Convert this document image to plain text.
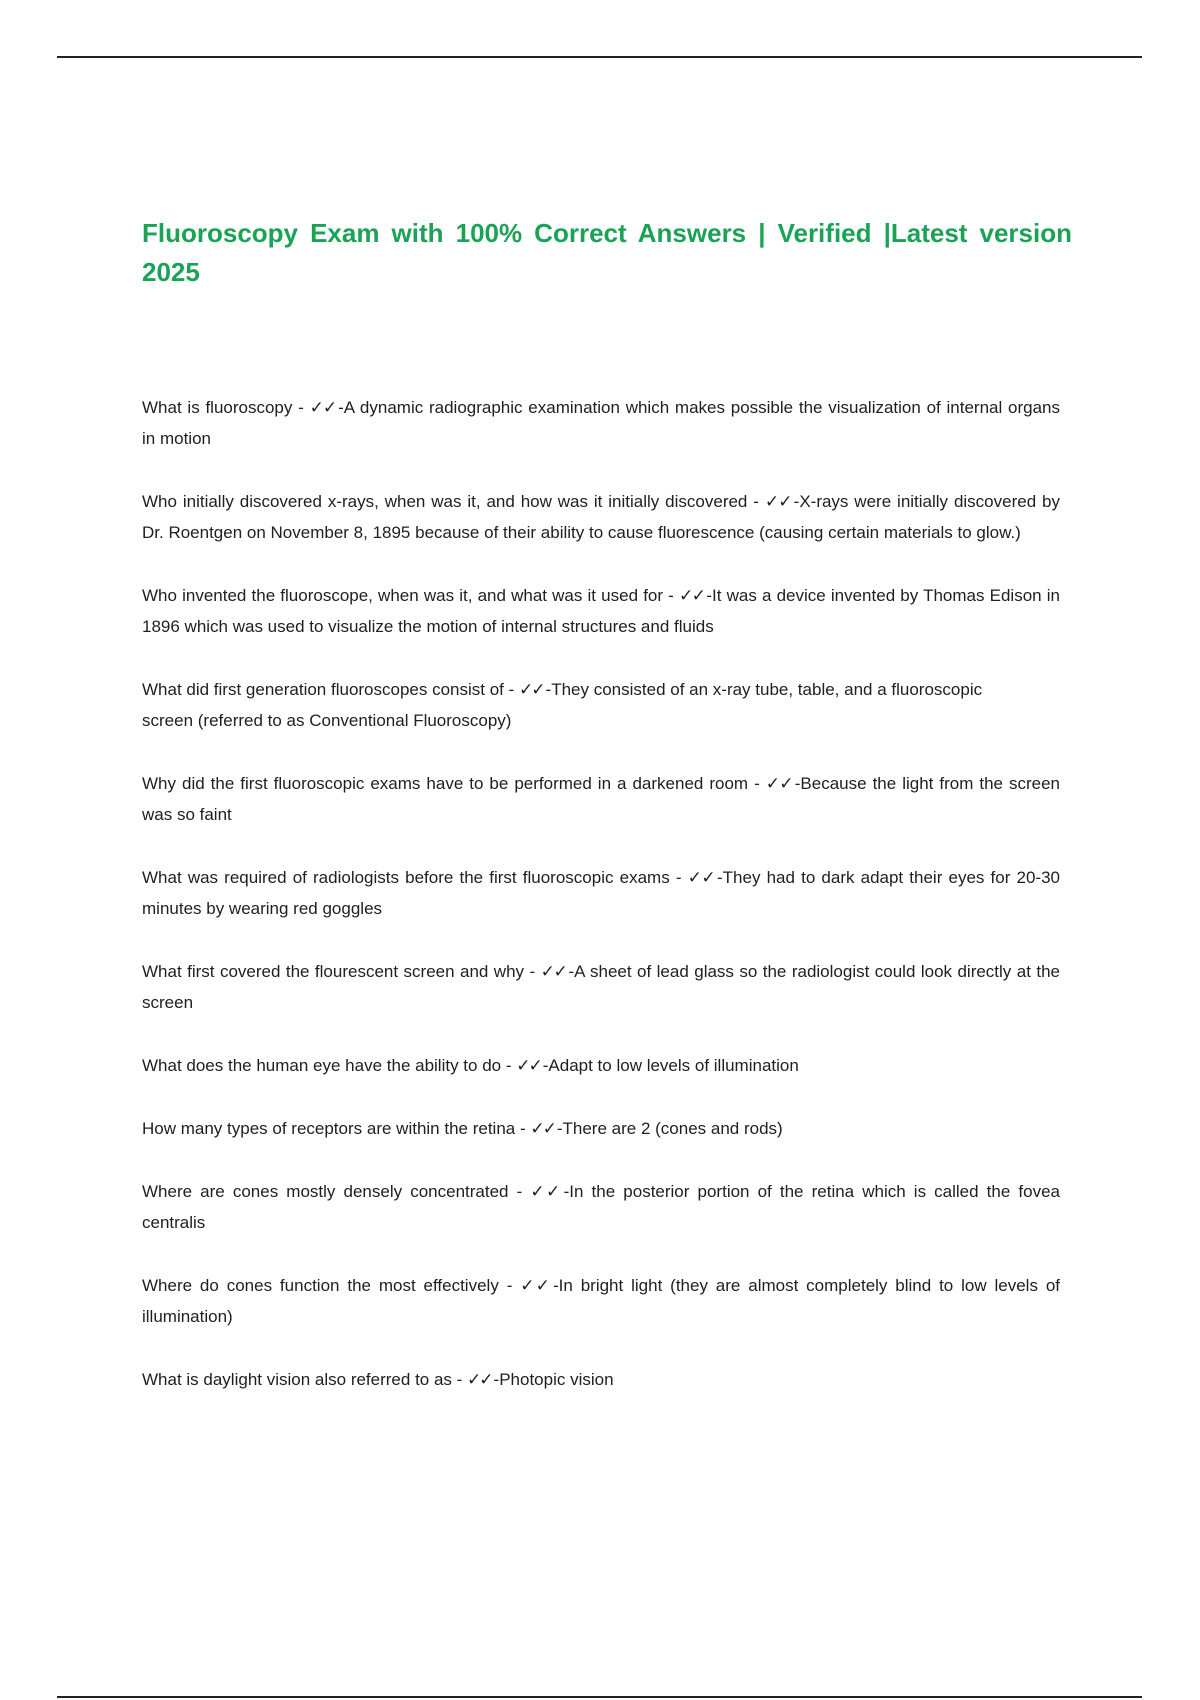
Fluoroscopy Exam with 100% Correct Answers | Verified |Latest version 2025

What is fluoroscopy - ✓✓ -A dynamic radiographic examination which makes possible the visualization of internal organs in motion

Who initially discovered x-rays, when was it, and how was it initially discovered - ✓✓ -X-rays were initially discovered by Dr. Roentgen on November 8, 1895 because of their ability to cause fluorescence (causing certain materials to glow.)

Who invented the fluoroscope, when was it, and what was it used for - ✓✓ -It was a device invented by Thomas Edison in 1896 which was used to visualize the motion of internal structures and fluids

What did first generation fluoroscopes consist of - ✓✓ -They consisted of an x-ray tube, table, and a fluoroscopic
screen (referred to as Conventional Fluoroscopy)

Why did the first fluoroscopic exams have to be performed in a darkened room - ✓✓ -Because the light from the screen was so faint

What was required of radiologists before the first fluoroscopic exams - ✓✓ -They had to dark adapt their eyes for 20-30 minutes by wearing red goggles

What first covered the flourescent screen and why - ✓✓ -A sheet of lead glass so the radiologist could look directly at the screen

What does the human eye have the ability to do - ✓✓ -Adapt to low levels of illumination

How many types of receptors are within the retina - ✓✓ -There are 2 (cones and rods)

Where are cones mostly densely concentrated - ✓✓ -In the posterior portion of the retina which is called the fovea centralis

Where do cones function the most effectively - ✓✓ -In bright light (they are almost completely blind to low levels of illumination)

What is daylight vision also referred to as - ✓✓ -Photopic vision
